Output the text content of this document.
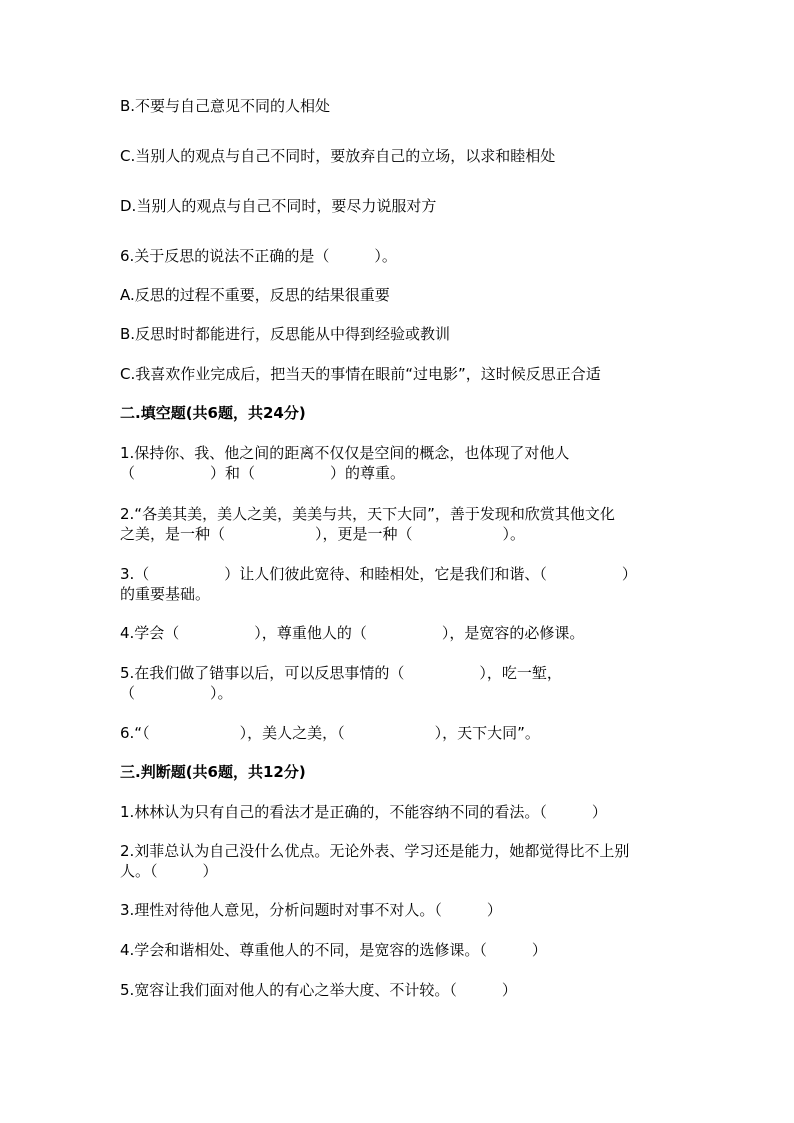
B.不要与自己意见不同的人相处
C.当别人的观点与自己不同时，要放弃自己的立场，以求和睦相处
D.当别人的观点与自己不同时，要尽力说服对方
6.关于反思的说法不正确的是（　　　）。
A.反思的过程不重要，反思的结果很重要
B.反思时时都能进行，反思能从中得到经验或教训
C.我喜欢作业完成后，把当天的事情在眼前“过电影”，这时候反思正合适
二.填空题(共6题，共24分)
1.保持你、我、他之间的距离不仅仅是空间的概念，也体现了对他人
（　　　　　）和（　　　　　）的尊重。
2.“各美其美，美人之美，美美与共，天下大同”，善于发现和欣赏其他文化
之美，是一种（　　　　　　），更是一种（　　　　　　）。
3.（　　　　　）让人们彼此宽待、和睦相处，它是我们和谐、（　　　　　）
的重要基础。
4.学会（　　　　　），尊重他人的（　　　　　），是宽容的必修课。
5.在我们做了错事以后，可以反思事情的（　　　　　），吃一堑，
（　　　　　）。
6.“（　　　　　　），美人之美，（　　　　　　），天下大同”。
三.判断题(共6题，共12分)
1.林林认为只有自己的看法才是正确的，不能容纳不同的看法。（　　　）
2.刘菲总认为自己没什么优点。无论外表、学习还是能力，她都觉得比不上别
人。（　　　）
3.理性对待他人意见，分析问题时对事不对人。（　　　）
4.学会和谐相处、尊重他人的不同，是宽容的选修课。（　　　）
5.宽容让我们面对他人的有心之举大度、不计较。（　　　）
